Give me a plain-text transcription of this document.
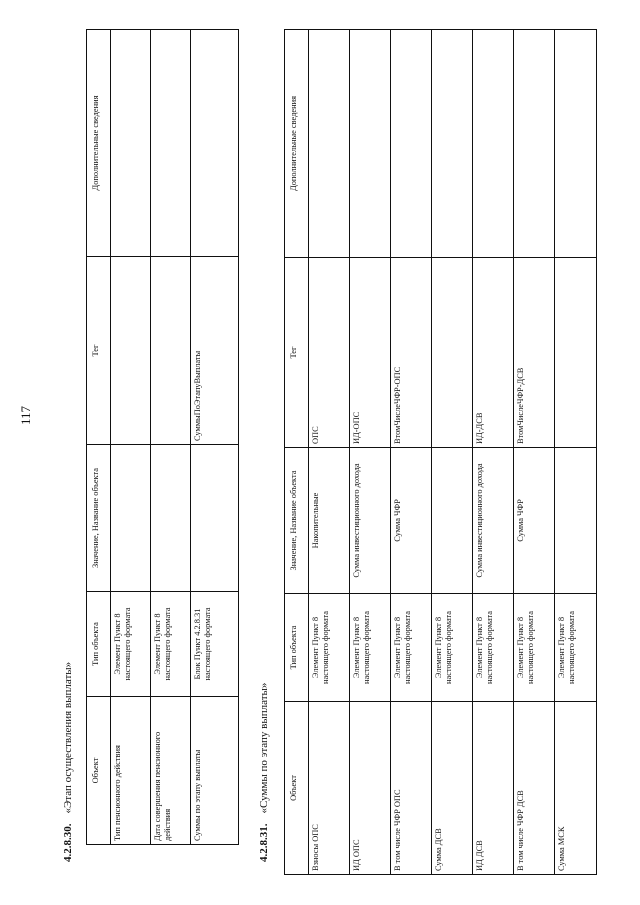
117
4.2.8.30.«Этап осуществления выплаты» Объект	Тип объекта	Значение, Название объекта	Тег	Дополнительные сведения
Тип пенсионного действия	Элемент Пункт 8 настоящего формата			
Дата совершения пенсионного действия	Элемент Пункт 8 настоящего формата			
Суммы по этапу выплаты	Блок Пункт 4.2.8.31 настоящего формата		СуммыПоЭтапуВыплаты	
4.2.8.31.«Суммы по этапу выплаты» Объект	Тип объекта	Значение, Название объекта	Тег	Дополнительные сведения
Взносы ОПС	Элемент Пункт 8 настоящего формата	Накопительные	ОПС	
ИД ОПС	Элемент Пункт 8 настоящего формата	Сумма инвестиционного дохода	ИД-ОПС	
В том числе ЧФР ОПС	Элемент Пункт 8 настоящего формата	Сумма ЧФР	ВтомЧислеЧФР-ОПС	
Сумма ДСВ	Элемент Пункт 8 настоящего формата			
ИД ДСВ	Элемент Пункт 8 настоящего формата	Сумма инвестиционного дохода	ИД-ДСВ	
В том числе ЧФР ДСВ	Элемент Пункт 8 настоящего формата	Сумма ЧФР	ВтомЧислеЧФР-ДСВ	
Сумма МСК	Элемент Пункт 8 настоящего формата			
